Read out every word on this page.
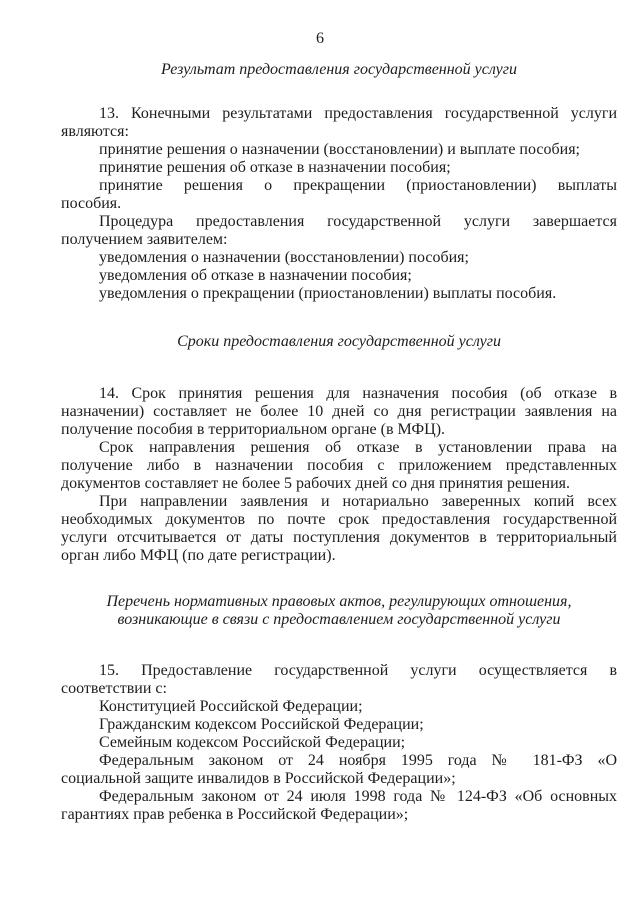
6
Результат предоставления государственной услуги
13. Конечными результатами предоставления государственной услуги
являются:
принятие решения о назначении (восстановлении) и выплате пособия;
принятие решения об отказе в назначении пособия;
принятие решения о прекращении (приостановлении) выплаты
пособия.
Процедура предоставления государственной услуги завершается
получением заявителем:
уведомления о назначении (восстановлении) пособия;
уведомления об отказе в назначении пособия;
уведомления о прекращении (приостановлении) выплаты пособия.
Сроки предоставления государственной услуги
14. Срок принятия решения для назначения пособия (об отказе в
назначении) составляет не более 10 дней со дня регистрации заявления на
получение пособия в территориальном органе (в МФЦ).
Срок направления решения об отказе в установлении права на
получение либо в назначении пособия с приложением представленных
документов составляет не более 5 рабочих дней со дня принятия решения.
При направлении заявления и нотариально заверенных копий всех
необходимых документов по почте срок предоставления государственной
услуги отсчитывается от даты поступления документов в территориальный
орган либо МФЦ (по дате регистрации).
Перечень нормативных правовых актов, регулирующих отношения,
возникающие в связи с предоставлением государственной услуги
15. Предоставление государственной услуги осуществляется в
соответствии с:
Конституцией Российской Федерации;
Гражданским кодексом Российской Федерации;
Семейным кодексом Российской Федерации;
Федеральным законом от 24 ноября 1995 года № 181-ФЗ «О
социальной защите инвалидов в Российской Федерации»;
Федеральным законом от 24 июля 1998 года № 124-ФЗ «Об основных
гарантиях прав ребенка в Российской Федерации»;
